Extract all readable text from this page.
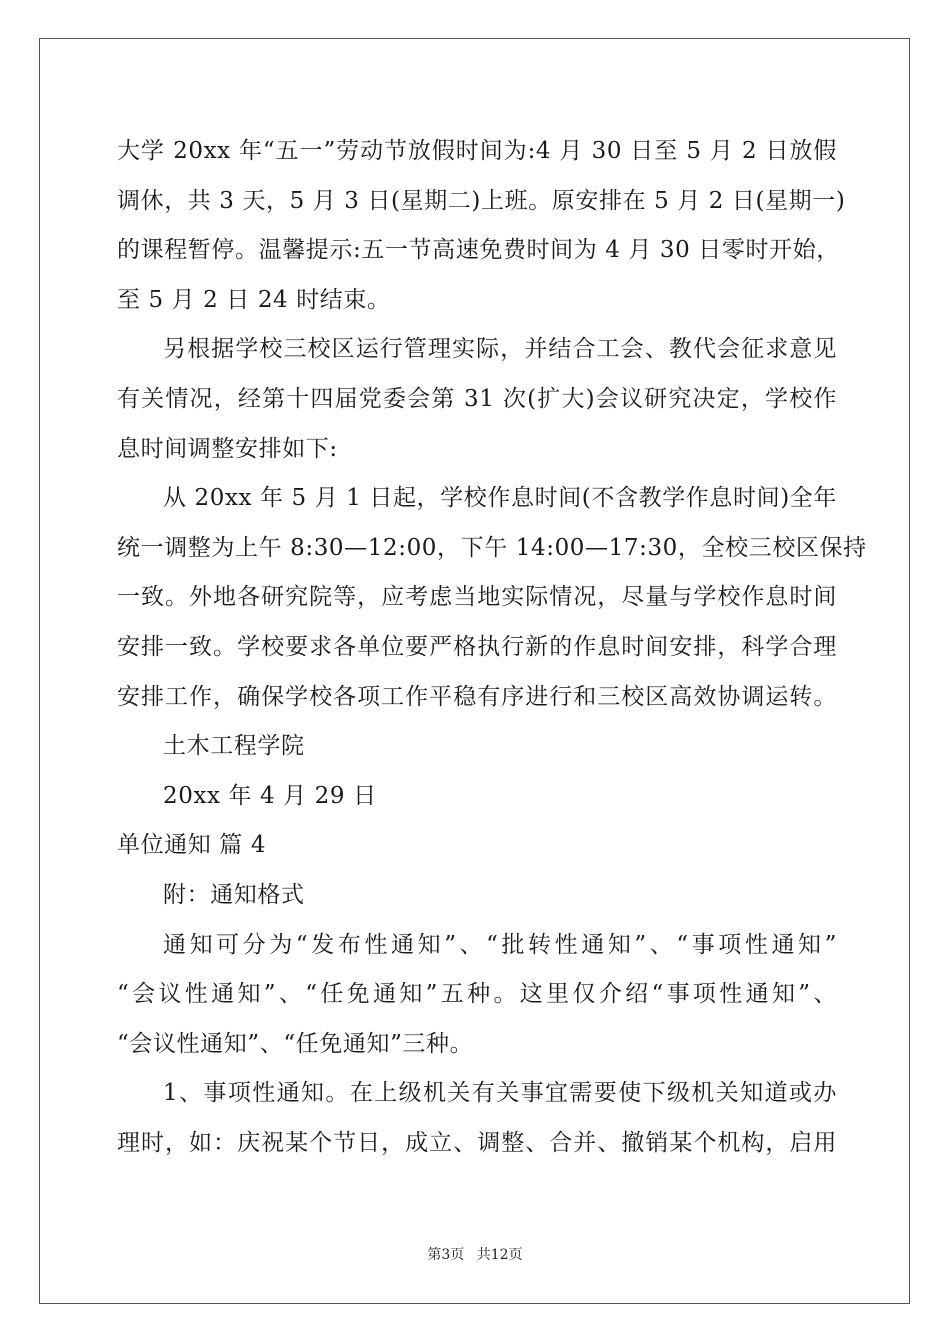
大学 20xx 年“五一”劳动节放假时间为:4 月 30 日至 5 月 2 日放假
调休，共 3 天，5 月 3 日(星期二)上班。原安排在 5 月 2 日(星期一)
的课程暂停。温馨提示:五一节高速免费时间为 4 月 30 日零时开始，
至 5 月 2 日 24 时结束。
另根据学校三校区运行管理实际，并结合工会、教代会征求意见
有关情况，经第十四届党委会第 31 次(扩大)会议研究决定，学校作
息时间调整安排如下:
从 20xx 年 5 月 1 日起，学校作息时间(不含教学作息时间)全年
统一调整为上午 8:30—12:00，下午 14:00—17:30，全校三校区保持
一致。外地各研究院等，应考虑当地实际情况，尽量与学校作息时间
安排一致。学校要求各单位要严格执行新的作息时间安排，科学合理
安排工作，确保学校各项工作平稳有序进行和三校区高效协调运转。
土木工程学院
20xx 年 4 月 29 日
单位通知 篇 4
附：通知格式
通知可分为“发布性通知”、“批转性通知”、“事项性通知”
“会议性通知”、“任免通知”五种。这里仅介绍“事项性通知”、
“会议性通知”、“任免通知”三种。
1、事项性通知。在上级机关有关事宜需要使下级机关知道或办
理时，如：庆祝某个节日，成立、调整、合并、撤销某个机构，启用
第3页 共12页
